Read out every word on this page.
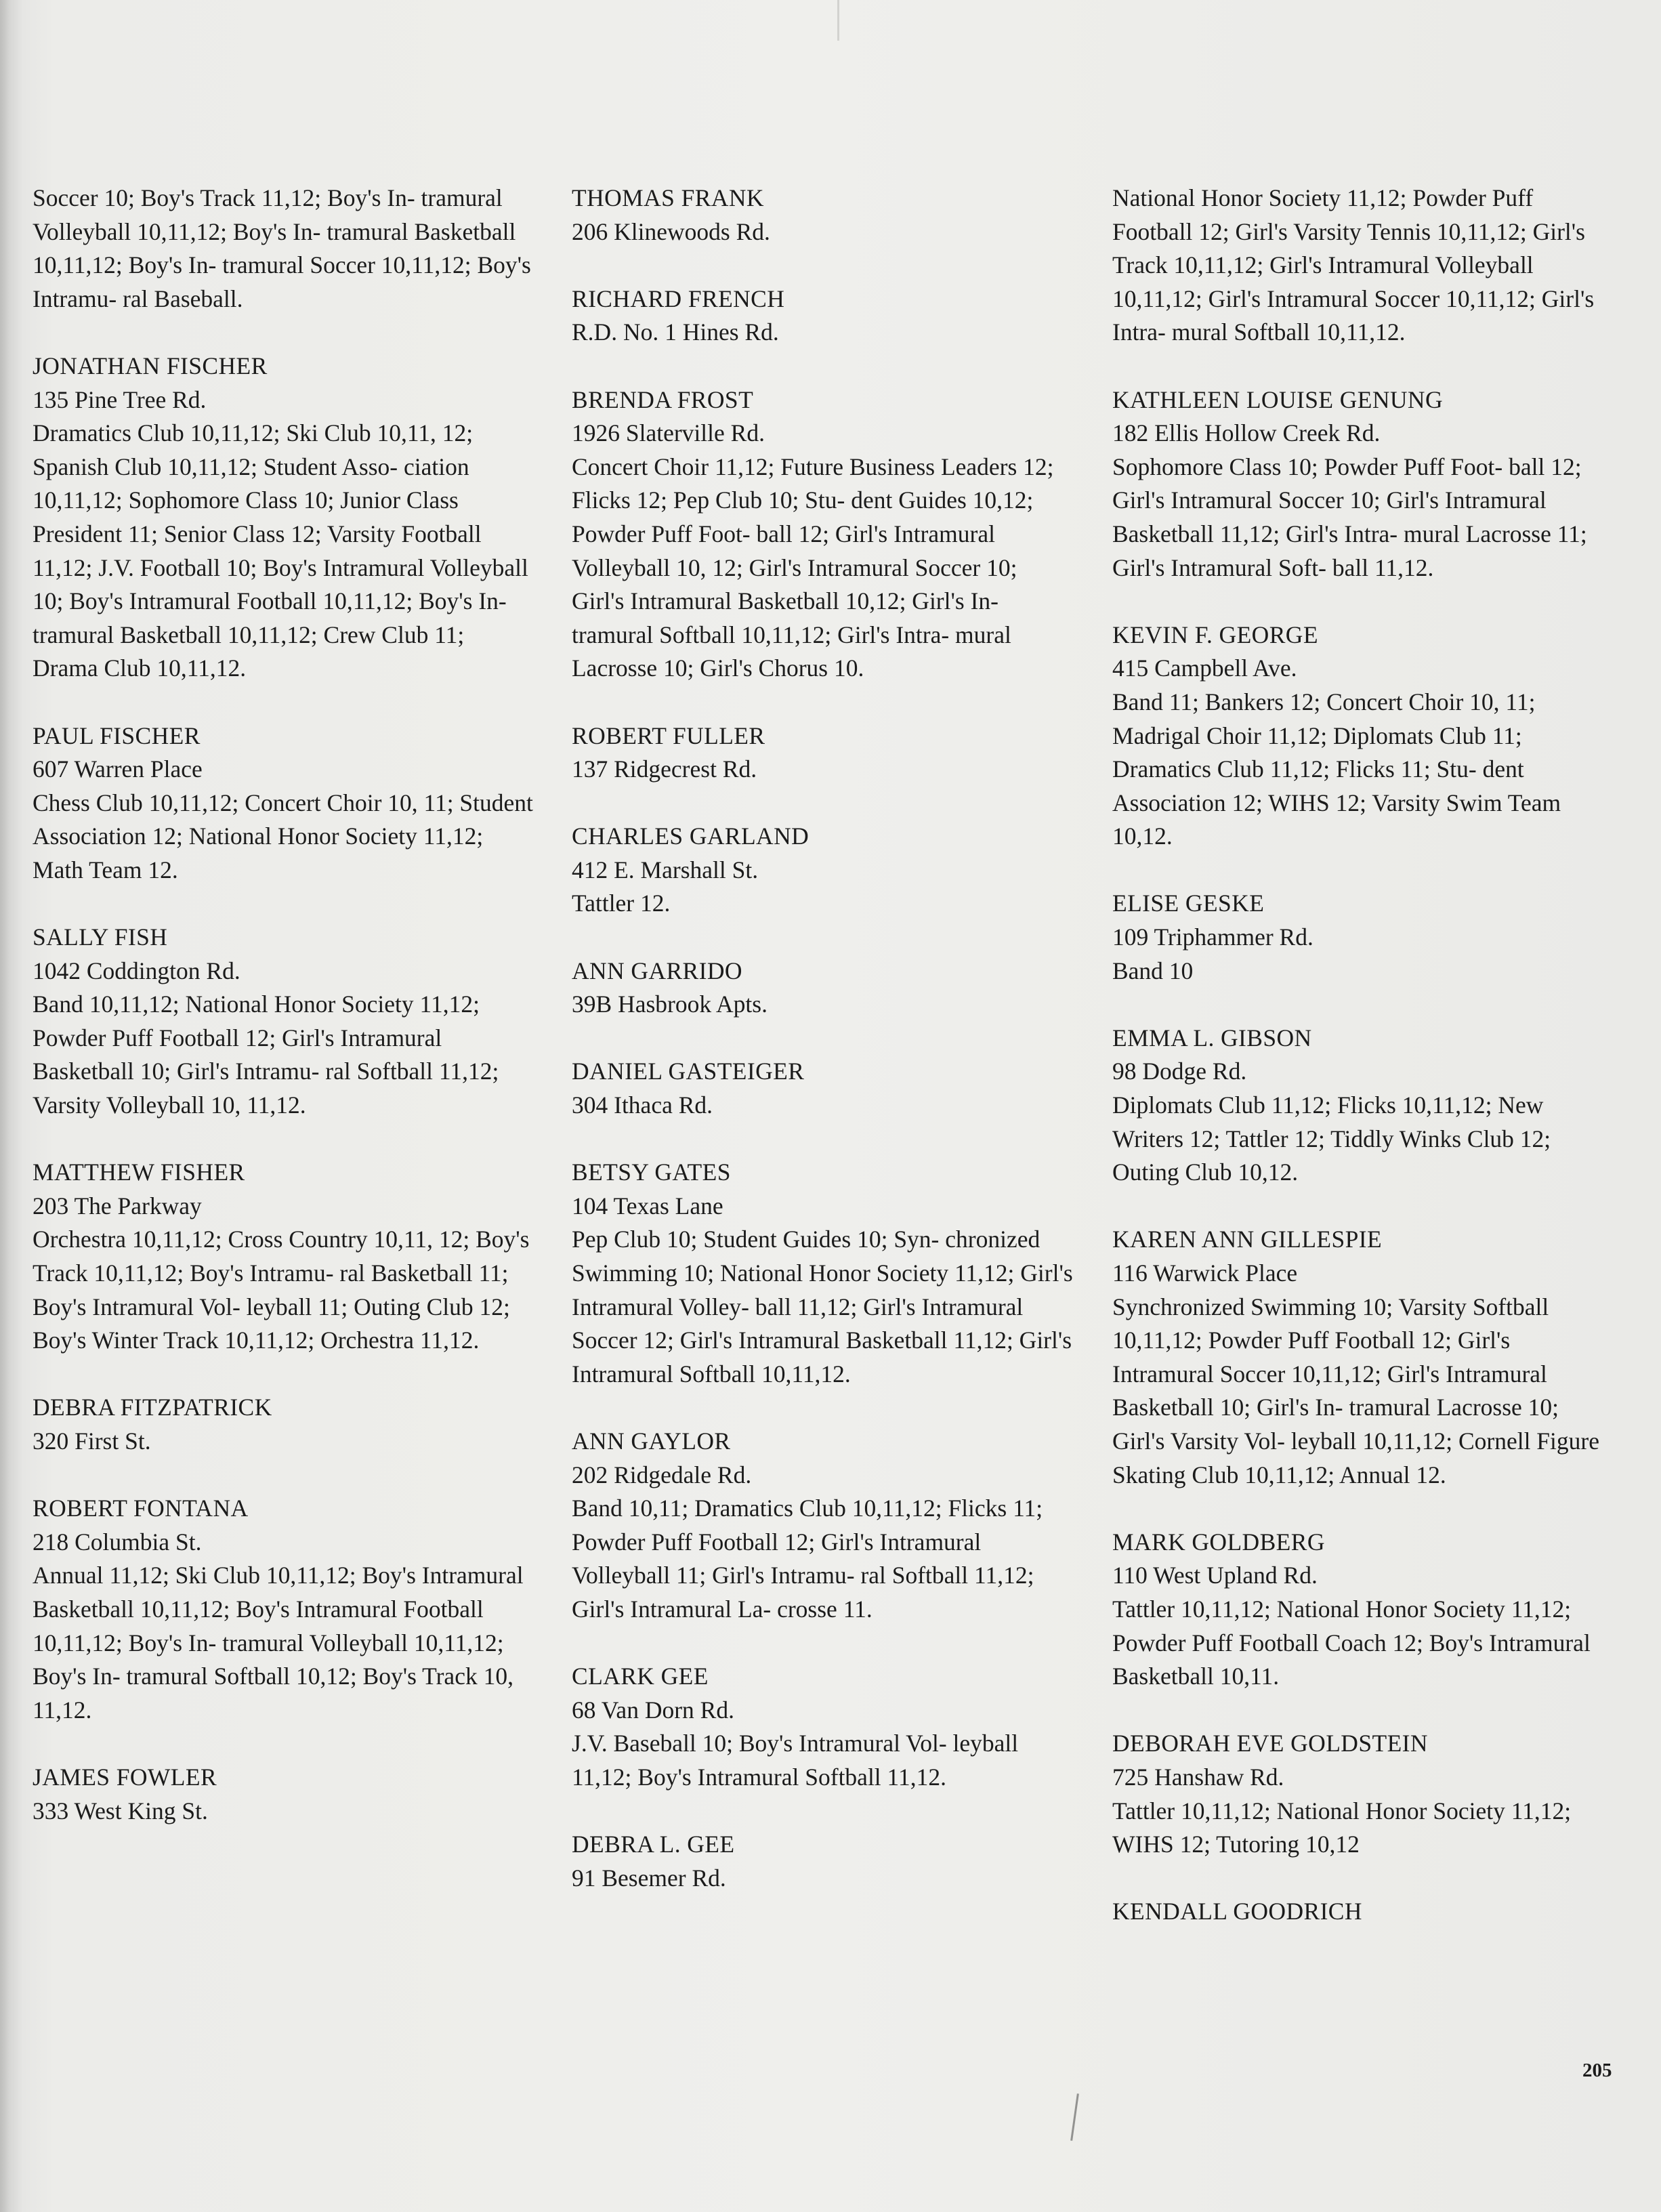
Soccer 10; Boy's Track 11,12; Boy's In- tramural Volleyball 10,11,12; Boy's In- tramural Basketball 10,11,12; Boy's In- tramural Soccer 10,11,12; Boy's Intramu- ral Baseball.
JONATHAN FISCHER
135 Pine Tree Rd.
Dramatics Club 10,11,12; Ski Club 10,11, 12; Spanish Club 10,11,12; Student Asso- ciation 10,11,12; Sophomore Class 10; Junior Class President 11; Senior Class 12; Varsity Football 11,12; J.V. Football 10; Boy's Intramural Volleyball 10; Boy's Intramural Football 10,11,12; Boy's In- tramural Basketball 10,11,12; Crew Club 11; Drama Club 10,11,12.
PAUL FISCHER
607 Warren Place
Chess Club 10,11,12; Concert Choir 10, 11; Student Association 12; National Honor Society 11,12; Math Team 12.
SALLY FISH
1042 Coddington Rd.
Band 10,11,12; National Honor Society 11,12; Powder Puff Football 12; Girl's Intramural Basketball 10; Girl's Intramu- ral Softball 11,12; Varsity Volleyball 10, 11,12.
MATTHEW FISHER
203 The Parkway
Orchestra 10,11,12; Cross Country 10,11, 12; Boy's Track 10,11,12; Boy's Intramu- ral Basketball 11; Boy's Intramural Vol- leyball 11; Outing Club 12; Boy's Winter Track 10,11,12; Orchestra 11,12.
DEBRA FITZPATRICK
320 First St.
ROBERT FONTANA
218 Columbia St.
Annual 11,12; Ski Club 10,11,12; Boy's Intramural Basketball 10,11,12; Boy's Intramural Football 10,11,12; Boy's In- tramural Volleyball 10,11,12; Boy's In- tramural Softball 10,12; Boy's Track 10, 11,12.
JAMES FOWLER
333 West King St.
THOMAS FRANK
206 Klinewoods Rd.
RICHARD FRENCH
R.D. No. 1 Hines Rd.
BRENDA FROST
1926 Slaterville Rd.
Concert Choir 11,12; Future Business Leaders 12; Flicks 12; Pep Club 10; Stu- dent Guides 10,12; Powder Puff Foot- ball 12; Girl's Intramural Volleyball 10, 12; Girl's Intramural Soccer 10; Girl's Intramural Basketball 10,12; Girl's In- tramural Softball 10,11,12; Girl's Intra- mural Lacrosse 10; Girl's Chorus 10.
ROBERT FULLER
137 Ridgecrest Rd.
CHARLES GARLAND
412 E. Marshall St.
Tattler 12.
ANN GARRIDO
39B Hasbrook Apts.
DANIEL GASTEIGER
304 Ithaca Rd.
BETSY GATES
104 Texas Lane
Pep Club 10; Student Guides 10; Syn- chronized Swimming 10; National Honor Society 11,12; Girl's Intramural Volley- ball 11,12; Girl's Intramural Soccer 12; Girl's Intramural Basketball 11,12; Girl's Intramural Softball 10,11,12.
ANN GAYLOR
202 Ridgedale Rd.
Band 10,11; Dramatics Club 10,11,12; Flicks 11; Powder Puff Football 12; Girl's Intramural Volleyball 11; Girl's Intramu- ral Softball 11,12; Girl's Intramural La- crosse 11.
CLARK GEE
68 Van Dorn Rd.
J.V. Baseball 10; Boy's Intramural Vol- leyball 11,12; Boy's Intramural Softball 11,12.
DEBRA L. GEE
91 Besemer Rd.
National Honor Society 11,12; Powder Puff Football 12; Girl's Varsity Tennis 10,11,12; Girl's Track 10,11,12; Girl's Intramural Volleyball 10,11,12; Girl's Intramural Soccer 10,11,12; Girl's Intra- mural Softball 10,11,12.
KATHLEEN LOUISE GENUNG
182 Ellis Hollow Creek Rd.
Sophomore Class 10; Powder Puff Foot- ball 12; Girl's Intramural Soccer 10; Girl's Intramural Basketball 11,12; Girl's Intra- mural Lacrosse 11; Girl's Intramural Soft- ball 11,12.
KEVIN F. GEORGE
415 Campbell Ave.
Band 11; Bankers 12; Concert Choir 10, 11; Madrigal Choir 11,12; Diplomats Club 11; Dramatics Club 11,12; Flicks 11; Stu- dent Association 12; WIHS 12; Varsity Swim Team 10,12.
ELISE GESKE
109 Triphammer Rd.
Band 10
EMMA L. GIBSON
98 Dodge Rd.
Diplomats Club 11,12; Flicks 10,11,12; New Writers 12; Tattler 12; Tiddly Winks Club 12; Outing Club 10,12.
KAREN ANN GILLESPIE
116 Warwick Place
Synchronized Swimming 10; Varsity Softball 10,11,12; Powder Puff Football 12; Girl's Intramural Soccer 10,11,12; Girl's Intramural Basketball 10; Girl's In- tramural Lacrosse 10; Girl's Varsity Vol- leyball 10,11,12; Cornell Figure Skating Club 10,11,12; Annual 12.
MARK GOLDBERG
110 West Upland Rd.
Tattler 10,11,12; National Honor Society 11,12; Powder Puff Football Coach 12; Boy's Intramural Basketball 10,11.
DEBORAH EVE GOLDSTEIN
725 Hanshaw Rd.
Tattler 10,11,12; National Honor Society 11,12; WIHS 12; Tutoring 10,12
KENDALL GOODRICH
205
